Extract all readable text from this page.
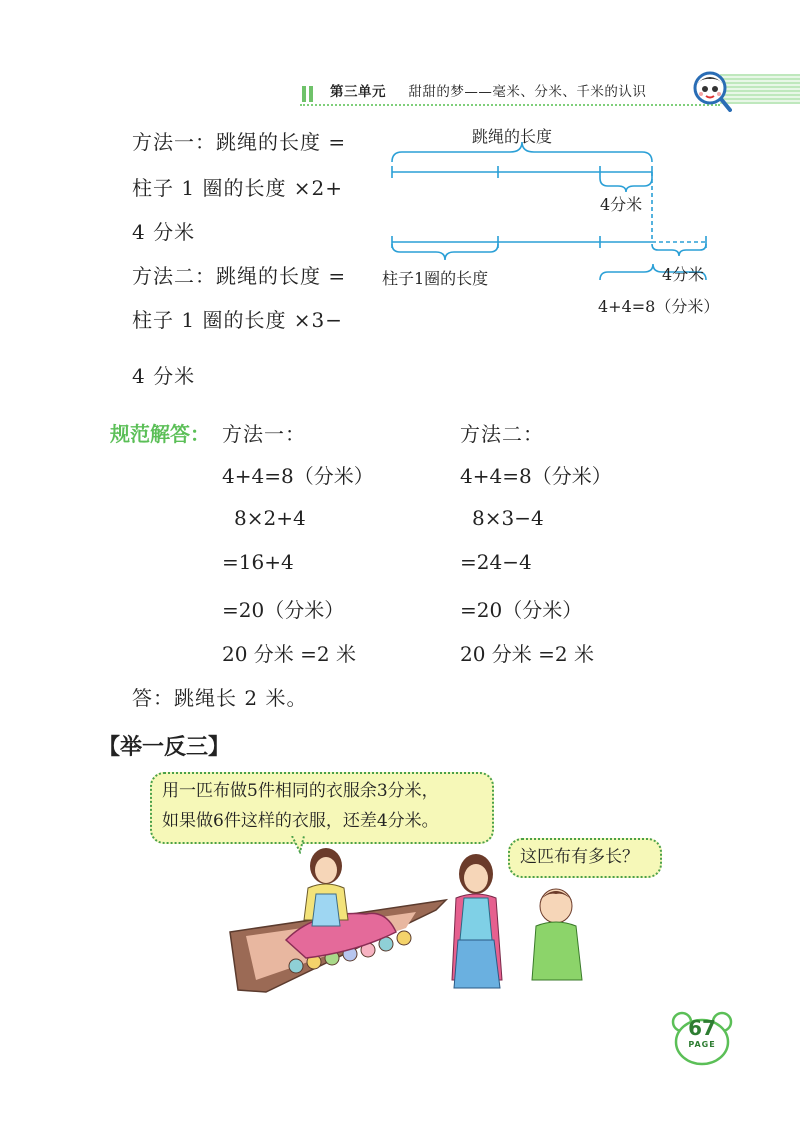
第三单元 甜甜的梦——毫米、分米、千米的认识
方法一：跳绳的长度 =
柱子 1 圈的长度 ×2+
4 分米
方法二：跳绳的长度 =
柱子 1 圈的长度 ×3−
4 分米
跳绳的长度
4分米
柱子1圈的长度	4分米
4+4=8（分米）
规范解答： 方法一：	方法二：
4+4=8（分米）
8×2+4
=16+4
=20（分米）
20 分米 =2 米
4+4=8（分米）
8×3−4
=24−4
=20（分米）
20 分米 =2 米
答：跳绳长 2 米。
【举一反三】
用一匹布做5件相同的衣服余3分米，
如果做6件这样的衣服，还差4分米。
这匹布有多长？
67
PAGE
